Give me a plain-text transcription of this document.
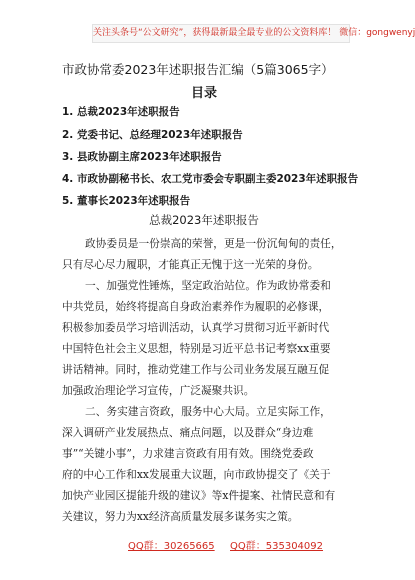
关注头条号“公文研究”，获得最新最全最专业的公文资料库！ 微信：gongwenyj
市政协常委2023年述职报告汇编（5篇3065字）
目录
1. 总裁2023年述职报告
2. 党委书记、总经理2023年述职报告
3. 县政协副主席2023年述职报告
4. 市政协副秘书长、农工党市委会专职副主委2023年述职报告
5. 董事长2023年述职报告
总裁2023年述职报告
政协委员是一份崇高的荣誉，更是一份沉甸甸的责任，
只有尽心尽力履职，才能真正无愧于这一光荣的身份。
一、加强党性锤炼，坚定政治站位。作为政协常委和
中共党员，始终将提高自身政治素养作为履职的必修课，
积极参加委员学习培训活动，认真学习贯彻习近平新时代
中国特色社会主义思想，特别是习近平总书记考察xx重要
讲话精神。同时，推动党建工作与公司业务发展互融互促
加强政治理论学习宣传，广泛凝聚共识。
二、务实建言资政，服务中心大局。立足实际工作，
深入调研产业发展热点、痛点问题，以及群众“身边难
事”“关键小事”，力求建言资政有用有效。围绕党委政
府的中心工作和xx发展重大议题，向市政协提交了《关于
加快产业园区提能升级的建议》等x件提案、社情民意和有
关建议，努力为xx经济高质量发展多谋务实之策。
QQ群：30265665 QQ群：535304092
